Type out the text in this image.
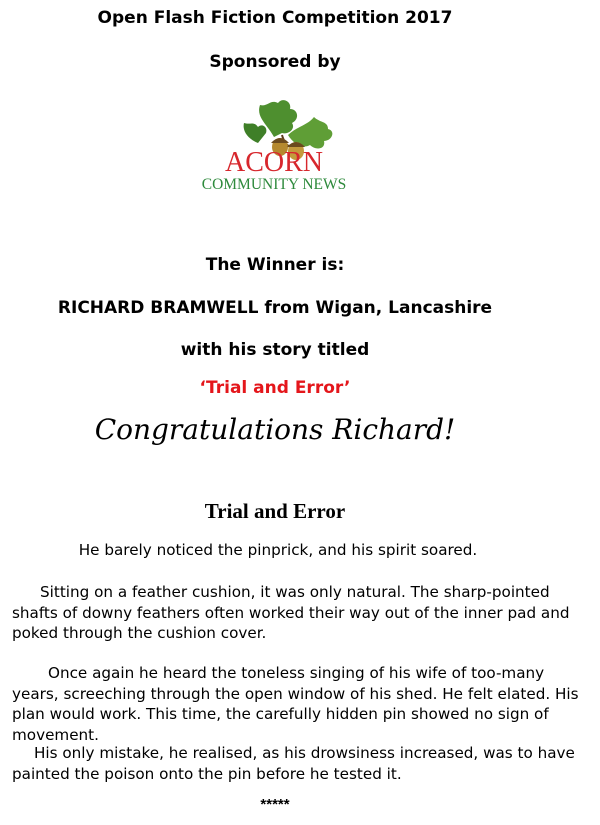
Open Flash Fiction Competition 2017
Sponsored by
ACORN
COMMUNITY NEWS
The Winner is:
RICHARD BRAMWELL from Wigan, Lancashire
with his story titled
‘Trial and Error’
Congratulations Richard!
Trial and Error
He barely noticed the pinprick, and his spirit soared.
Sitting on a feather cushion, it was only natural. The sharp-pointed shafts of downy feathers often worked their way out of the inner pad and poked through the cushion cover.
Once again he heard the toneless singing of his wife of too-many years, screeching through the open window of his shed. He felt elated. His plan would work. This time, the carefully hidden pin showed no sign of movement.
His only mistake, he realised, as his drowsiness increased, was to have painted the poison onto the pin before he tested it.
*****
